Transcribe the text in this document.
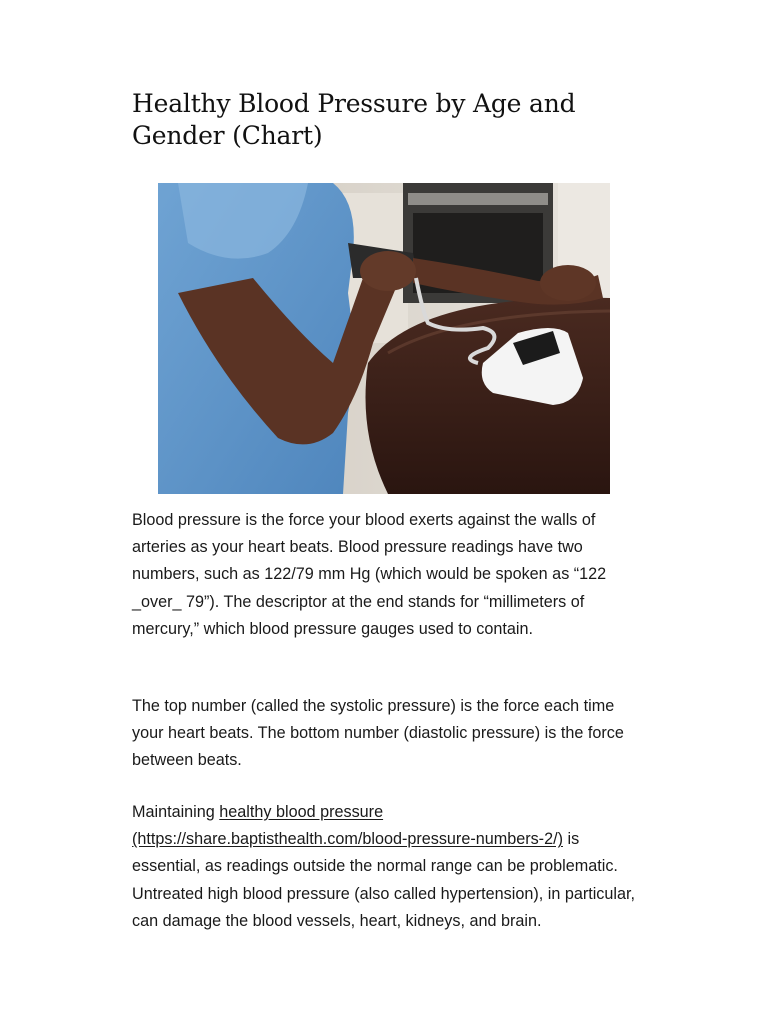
Healthy Blood Pressure by Age and Gender (Chart)

Blood pressure is the force your blood exerts against the walls of arteries as your heart beats. Blood pressure readings have two numbers, such as 122/79 mm Hg (which would be spoken as “122 _over_ 79”). The descriptor at the end stands for “millimeters of mercury,” which blood pressure gauges used to contain.

The top number (called the systolic pressure) is the force each time your heart beats. The bottom number (diastolic pressure) is the force between beats.

Maintaining healthy blood pressure
(https://share.baptisthealth.com/blood-pressure-numbers-2/) is essential, as readings outside the normal range can be problematic. Untreated high blood pressure (also called hypertension), in particular, can damage the blood vessels, heart, kidneys, and brain.
